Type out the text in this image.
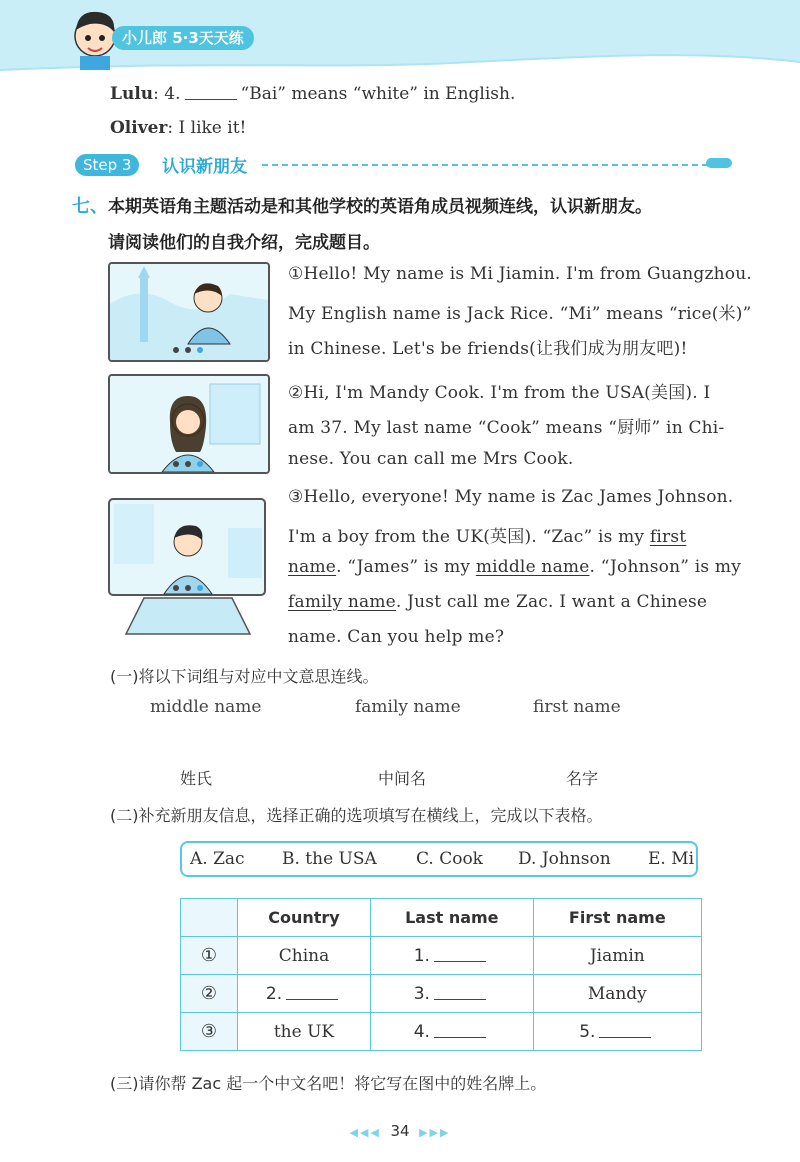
小儿郎 5·3天天练
Lulu: 4.	“Bai” means “white” in English.
Oliver: I like it!
Step 3	认识新朋友
七、 本期英语角主题活动是和其他学校的英语角成员视频连线，认识新朋友。
请阅读他们的自我介绍，完成题目。
①Hello! My name is Mi Jiamin. I'm from Guangzhou.
My English name is Jack Rice. “Mi” means “rice(米)”
in Chinese. Let's be friends(让我们成为朋友吧)!
②Hi, I'm Mandy Cook. I'm from the USA(美国). I
am 37. My last name “Cook” means “厨师” in Chi-
nese. You can call me Mrs Cook.
③Hello, everyone! My name is Zac James Johnson.
I'm a boy from the UK(英国). “Zac” is my first
name. “James” is my middle name. “Johnson” is my
family name. Just call me Zac. I want a Chinese
name. Can you help me?
(一)将以下词组与对应中文意思连线。
middle name	family name	first name
姓氏	中间名	名字
(二)补充新朋友信息，选择正确的选项填写在横线上，完成以下表格。
A. Zac B. the USA C. Cook D. Johnson E. Mi
	Country	Last name	First name
①	China	1.	Jiamin
②	2.	3.	Mandy
③	the UK	4.	5.
(三)请你帮 Zac 起一个中文名吧！将它写在图中的姓名牌上。
◀◀◀ 34 ▶▶▶
